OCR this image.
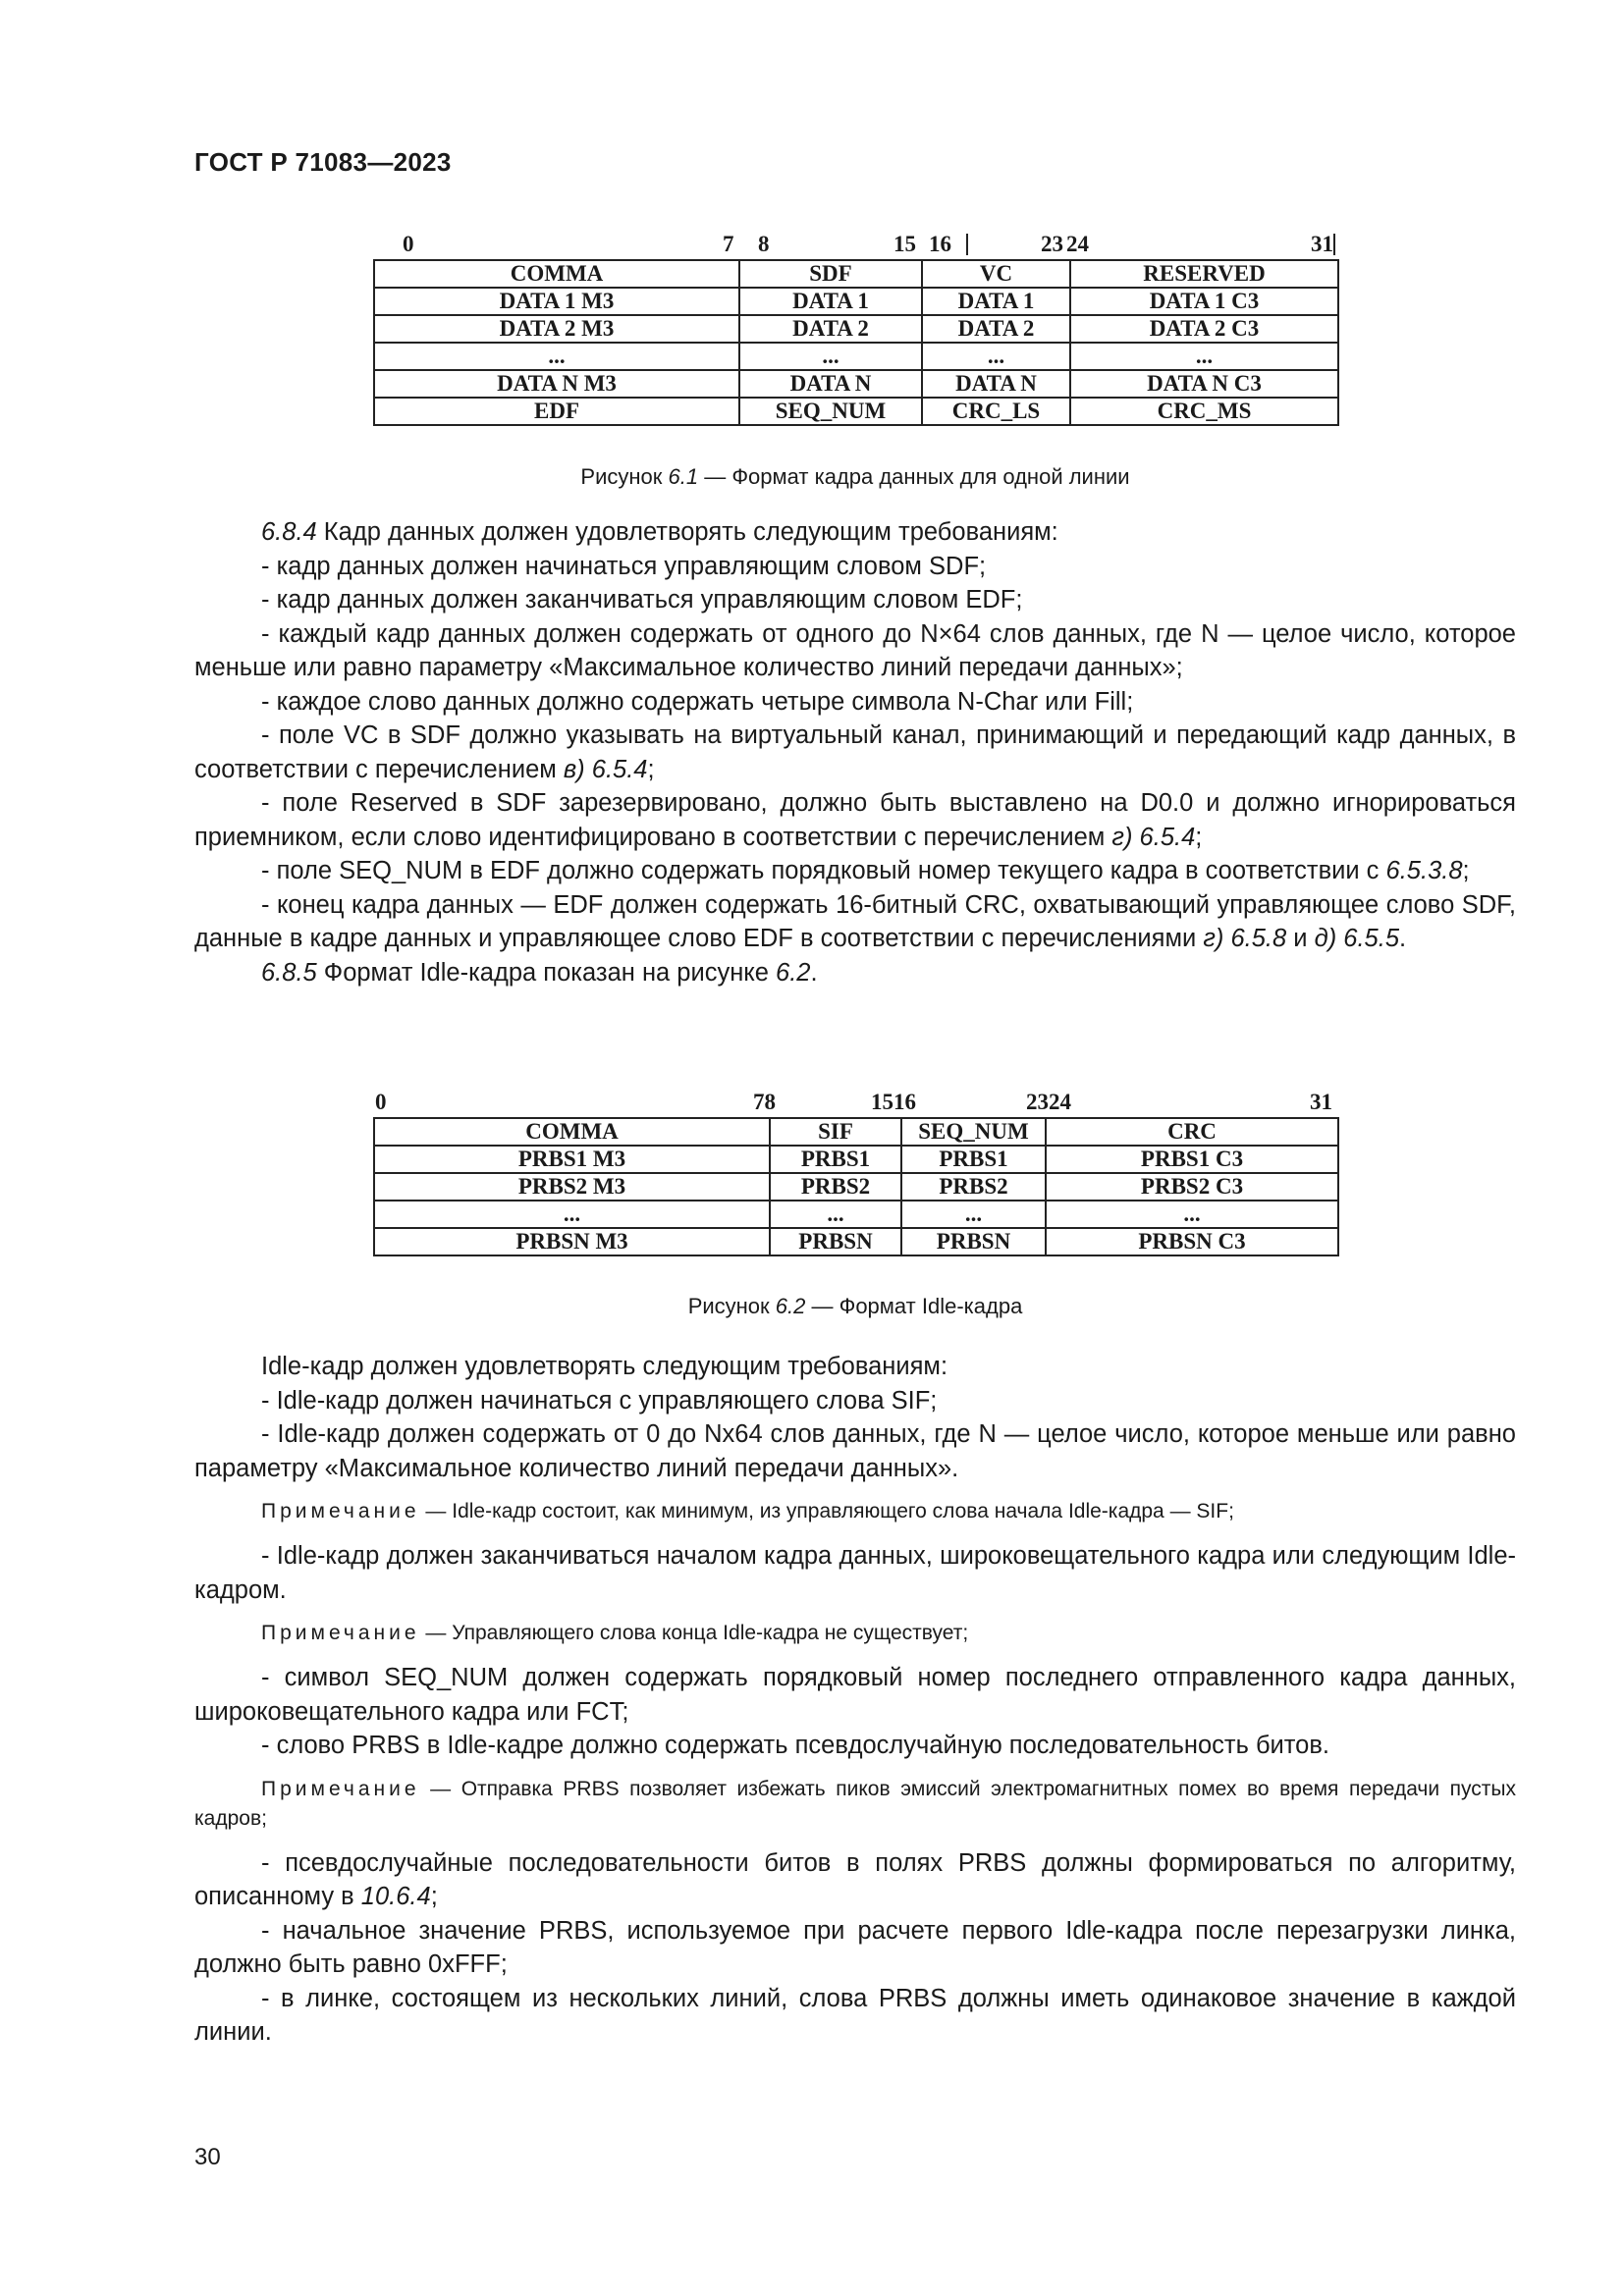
ГОСТ Р 71083—2023
0	7 8	15 16	23 24	31
COMMA	SDF	VC	RESERVED
DATA 1 M3	DATA 1	DATA 1	DATA 1 C3
DATA 2 M3	DATA 2	DATA 2	DATA 2 C3
...	...	...	...
DATA N M3	DATA N	DATA N	DATA N C3
EDF	SEQ_NUM	CRC_LS	CRC_MS
Рисунок 6.1 — Формат кадра данных для одной линии

6.8.4 Кадр данных должен удовлетворять следующим требованиям:

- кадр данных должен начинаться управляющим словом SDF;

- кадр данных должен заканчиваться управляющим словом EDF;

- каждый кадр данных должен содержать от одного до N×64 слов данных, где N — целое число, которое меньше или равно параметру «Максимальное количество линий передачи данных»;

- каждое слово данных должно содержать четыре символа N-Char или Fill;

- поле VC в SDF должно указывать на виртуальный канал, принимающий и передающий кадр данных, в соответствии с перечислением в) 6.5.4;

- поле Reserved в SDF зарезервировано, должно быть выставлено на D0.0 и должно игнорироваться приемником, если слово идентифицировано в соответствии с перечислением г) 6.5.4;

- поле SEQ_NUM в EDF должно содержать порядковый номер текущего кадра в соответствии с 6.5.3.8;

- конец кадра данных — EDF должен содержать 16-битный CRC, охватывающий управляющее слово SDF, данные в кадре данных и управляющее слово EDF в соответствии с перечислениями г) 6.5.8 и д) 6.5.5.

6.8.5 Формат Idle-кадра показан на рисунке 6.2.

0	78	1516	2324	31
COMMA	SIF	SEQ_NUM	CRC
PRBS1 M3	PRBS1	PRBS1	PRBS1 C3
PRBS2 M3	PRBS2	PRBS2	PRBS2 C3
...	...	...	...
PRBSN M3	PRBSN	PRBSN	PRBSN C3
Рисунок 6.2 — Формат Idle-кадра

Idle-кадр должен удовлетворять следующим требованиям:

- Idle-кадр должен начинаться с управляющего слова SIF;

- Idle-кадр должен содержать от 0 до Nx64 слов данных, где N — целое число, которое меньше или равно параметру «Максимальное количество линий передачи данных».

Примечание — Idle-кадр состоит, как минимум, из управляющего слова начала Idle-кадра — SIF;

- Idle-кадр должен заканчиваться началом кадра данных, широковещательного кадра или следующим Idle-кадром.

Примечание — Управляющего слова конца Idle-кадра не существует;

- символ SEQ_NUM должен содержать порядковый номер последнего отправленного кадра данных, широковещательного кадра или FCT;

- слово PRBS в Idle-кадре должно содержать псевдослучайную последовательность битов.

Примечание — Отправка PRBS позволяет избежать пиков эмиссий электромагнитных помех во время передачи пустых кадров;

- псевдослучайные последовательности битов в полях PRBS должны формироваться по алгоритму, описанному в 10.6.4;

- начальное значение PRBS, используемое при расчете первого Idle-кадра после перезагрузки линка, должно быть равно 0xFFF;

- в линке, состоящем из нескольких линий, слова PRBS должны иметь одинаковое значение в каждой линии.

30
